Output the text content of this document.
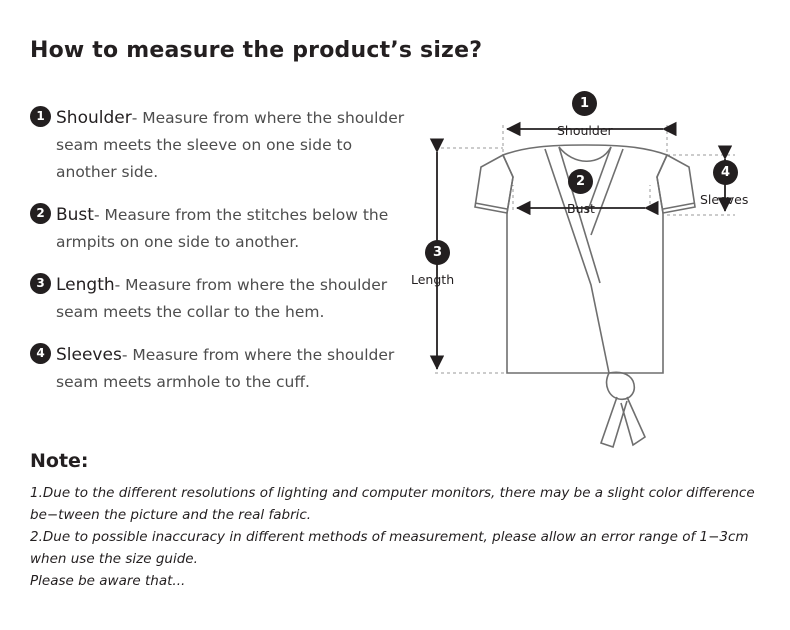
How to measure the product’s size?
1 Shoulder- Measure from where the shoulder seam meets the sleeve on one side to another side.
2 Bust- Measure from the stitches below the armpits on one side to another.
3 Length- Measure from where the shoulder seam meets the collar to the hem.
4 Sleeves- Measure from where the shoulder seam meets armhole to the cuff.
1
Shoulder
2
Bust
3
Length
4
Sleeves
Note:
1.Due to the different resolutions of lighting and computer monitors, there may be a slight color difference be−tween the picture and the real fabric.
2.Due to possible inaccuracy in different methods of measurement, please allow an error range of 1−3cm when use the size guide.
Please be aware that...
